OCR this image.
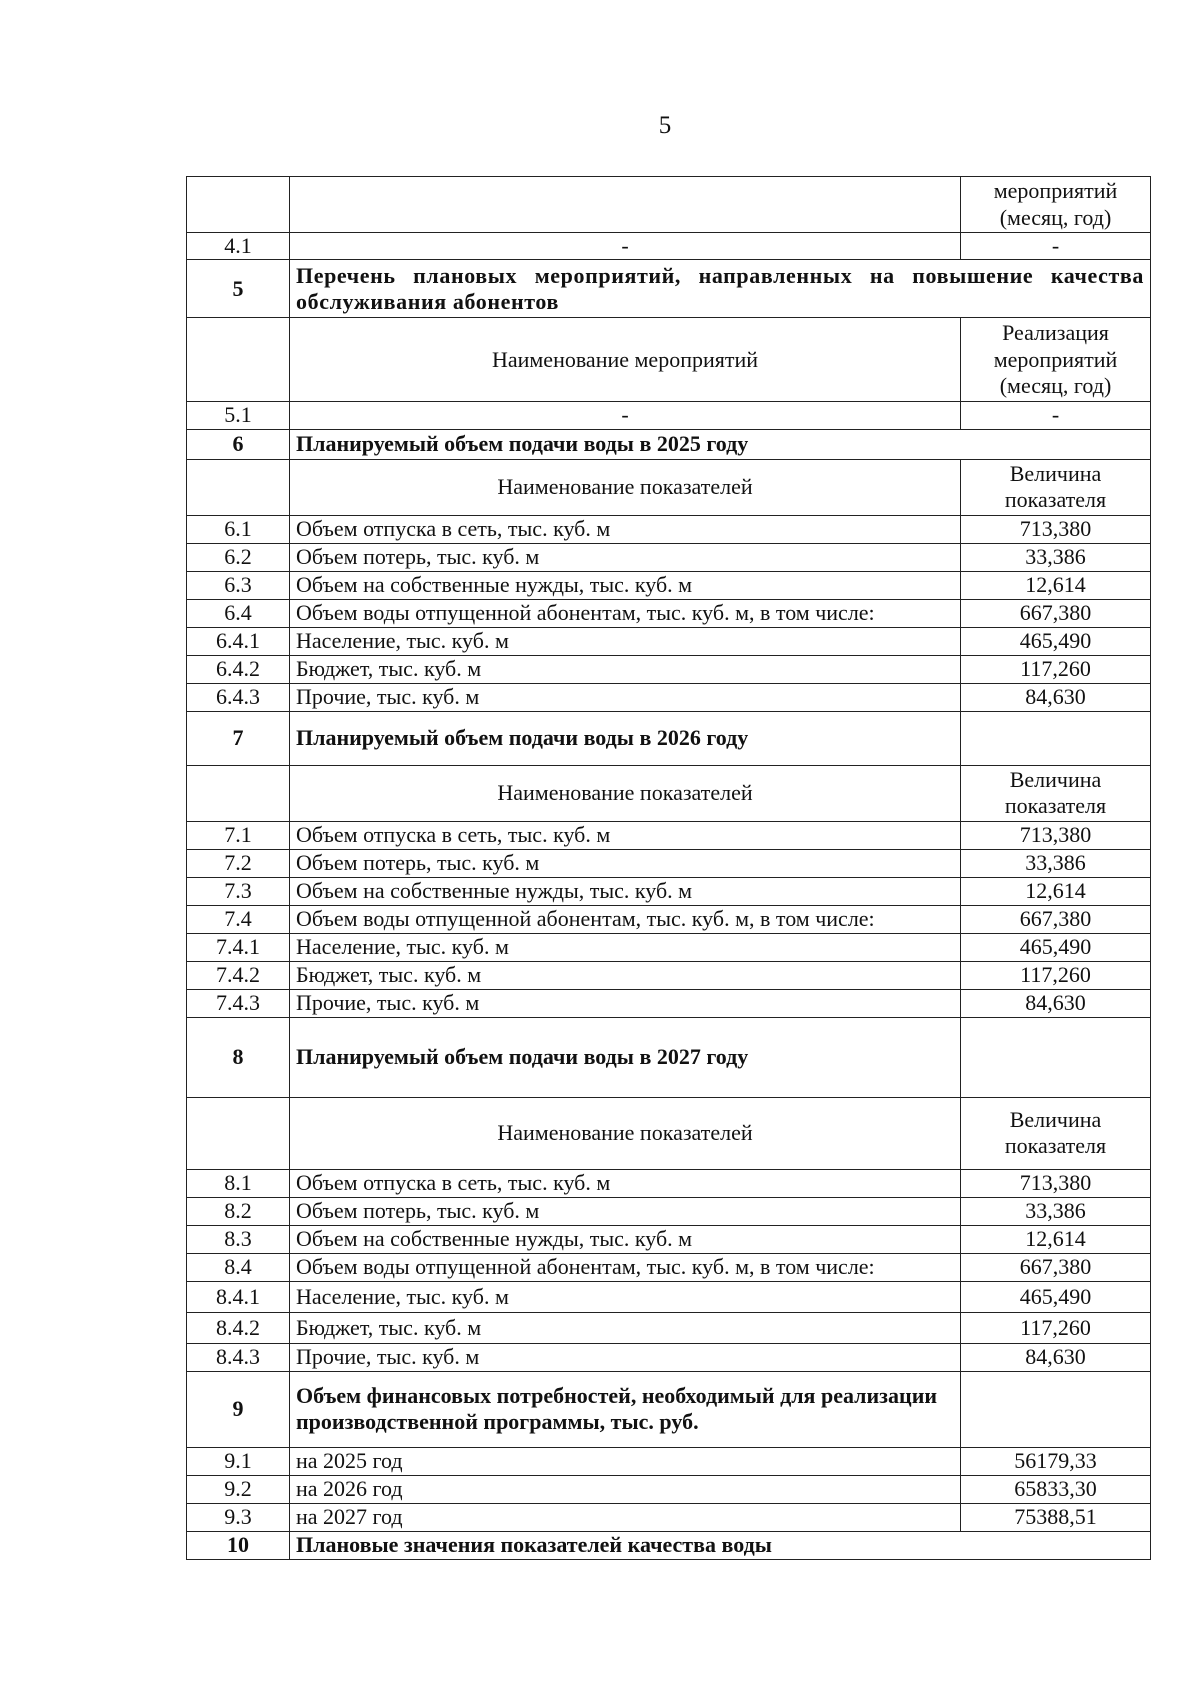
5
		мероприятий
(месяц, год)
4.1	-	-
5	Перечень плановых мероприятий, направленных на повышение качества обслуживания абонентов	
	Наименование мероприятий	Реализация мероприятий (месяц, год)
5.1	-	-
6	Планируемый объем подачи воды в 2025 году	
	Наименование показателей	Величина показателя
6.1	Объем отпуска в сеть, тыс. куб. м	713,380
6.2	Объем потерь, тыс. куб. м	33,386
6.3	Объем на собственные нужды, тыс. куб. м	12,614
6.4	Объем воды отпущенной абонентам, тыс. куб. м, в том числе:	667,380
6.4.1	Население, тыс. куб. м	465,490
6.4.2	Бюджет, тыс. куб. м	117,260
6.4.3	Прочие, тыс. куб. м	84,630
7	Планируемый объем подачи воды в 2026 году	
	Наименование показателей	Величина показателя
7.1	Объем отпуска в сеть, тыс. куб. м	713,380
7.2	Объем потерь, тыс. куб. м	33,386
7.3	Объем на собственные нужды, тыс. куб. м	12,614
7.4	Объем воды отпущенной абонентам, тыс. куб. м, в том числе:	667,380
7.4.1	Население, тыс. куб. м	465,490
7.4.2	Бюджет, тыс. куб. м	117,260
7.4.3	Прочие, тыс. куб. м	84,630
8	Планируемый объем подачи воды в 2027 году	
	Наименование показателей	Величина показателя
8.1	Объем отпуска в сеть, тыс. куб. м	713,380
8.2	Объем потерь, тыс. куб. м	33,386
8.3	Объем на собственные нужды, тыс. куб. м	12,614
8.4	Объем воды отпущенной абонентам, тыс. куб. м, в том числе:	667,380
8.4.1	Население, тыс. куб. м	465,490
8.4.2	Бюджет, тыс. куб. м	117,260
8.4.3	Прочие, тыс. куб. м	84,630
9	Объем финансовых потребностей, необходимый для реализации производственной программы, тыс. руб.	
9.1	на 2025 год	56179,33
9.2	на 2026 год	65833,30
9.3	на 2027 год	75388,51
10	Плановые значения показателей качества воды	
